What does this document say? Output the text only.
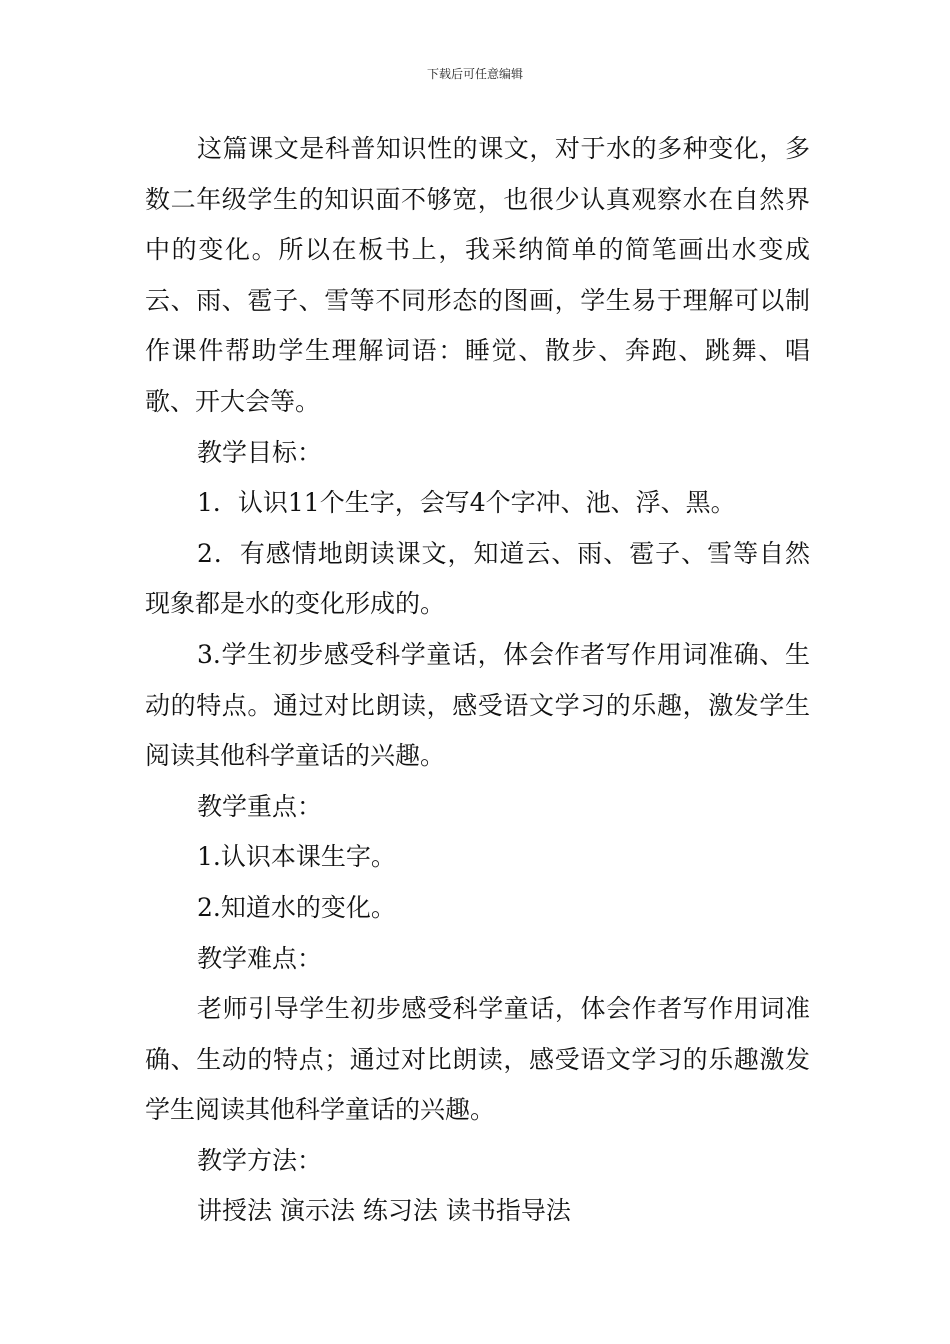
下载后可任意编辑

这篇课文是科普知识性的课文，对于水的多种变化，多数二年级学生的知识面不够宽，也很少认真观察水在自然界中的变化。所以在板书上，我采纳简单的简笔画出水变成云、雨、雹子、雪等不同形态的图画，学生易于理解可以制作课件帮助学生理解词语：睡觉、散步、奔跑、跳舞、唱歌、开大会等。

教学目标：

1．认识11个生字，会写4个字冲、池、浮、黑。

2．有感情地朗读课文，知道云、雨、雹子、雪等自然现象都是水的变化形成的。

3.学生初步感受科学童话，体会作者写作用词准确、生动的特点。通过对比朗读，感受语文学习的乐趣，激发学生阅读其他科学童话的兴趣。

教学重点：

1.认识本课生字。

2.知道水的变化。

教学难点：

老师引导学生初步感受科学童话，体会作者写作用词准确、生动的特点；通过对比朗读，感受语文学习的乐趣激发学生阅读其他科学童话的兴趣。

教学方法：

讲授法 演示法 练习法 读书指导法
